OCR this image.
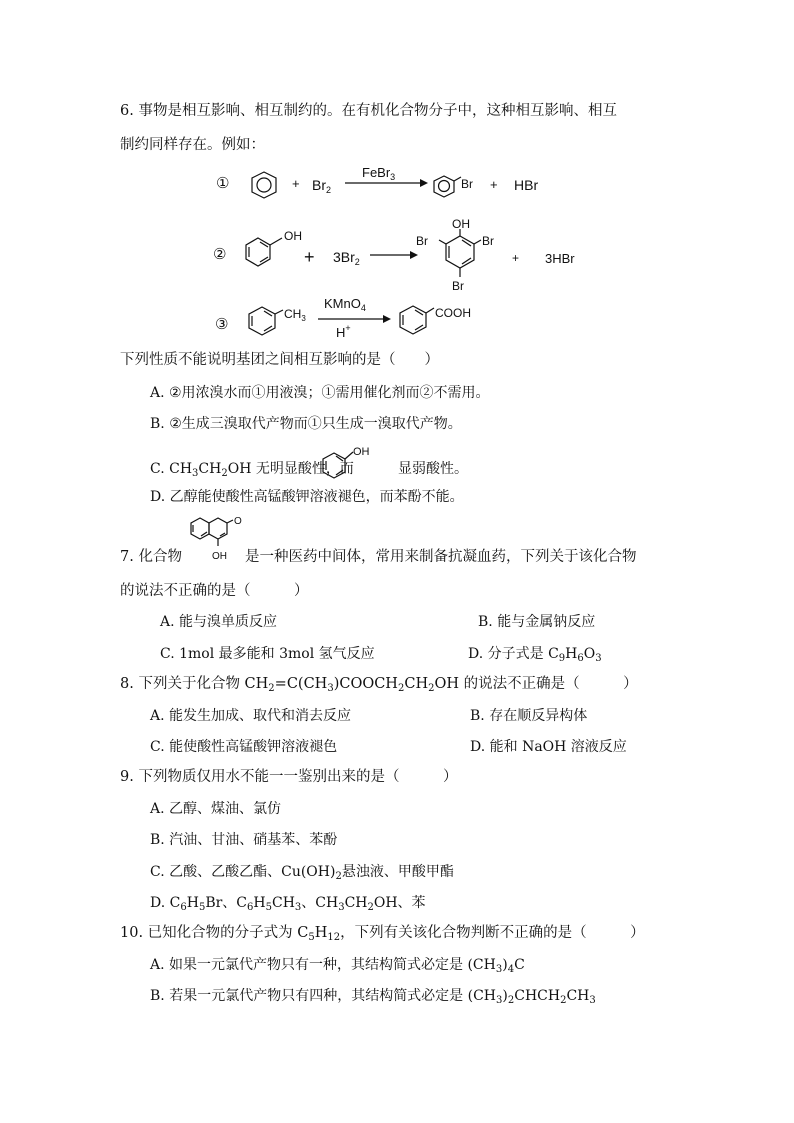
6. 事物是相互影响、相互制约的。在有机化合物分子中，这种相互影响、相互
制约同样存在。例如：
①	+ $Br_2$
FeBr$_3$	Br + HBr
②
OH
+ $3Br_2$
OH
Br	Br
Br
+ 3HBr
③
$CH_3$
KMnO$_4$
H+
COOH
OH
O
OH
下列性质不能说明基团之间相互影响的是（　　）
A. ②用浓溴水而①用液溴；①需用催化剂而②不需用。
B. ②生成三溴取代产物而①只生成一溴取代产物。
C. $CH_3CH_2OH$ 无明显酸性，而	显弱酸性。
D. 乙醇能使酸性高锰酸钾溶液褪色，而苯酚不能。
7. 化合物	是一种医药中间体，常用来制备抗凝血药，下列关于该化合物
的说法不正确的是（　　　）
A. 能与溴单质反应	B. 能与金属钠反应
C. 1mol 最多能和 3mol 氢气反应	D. 分子式是 $C_9H_6O_3$
8. 下列关于化合物 $CH_2=C(CH_3)COOCH_2CH_2OH$ 的说法不正确是（　　　）
A. 能发生加成、取代和消去反应	B. 存在顺反异构体
C. 能使酸性高锰酸钾溶液褪色	D. 能和 NaOH 溶液反应
9. 下列物质仅用水不能一一鉴别出来的是（　　　）
A. 乙醇、煤油、氯仿
B. 汽油、甘油、硝基苯、苯酚
C. 乙酸、乙酸乙酯、$Cu(OH)_2$悬浊液、甲酸甲酯
D. $C_6H_5Br$、$C_6H_5CH_3$、$CH_3CH_2OH$、苯
10. 已知化合物的分子式为 $C_5H_{12}$，下列有关该化合物判断不正确的是（　　　）
A. 如果一元氯代产物只有一种，其结构简式必定是 $(CH_3)_4C$
B. 若果一元氯代产物只有四种，其结构简式必定是 $(CH_3)_2CHCH_2CH_3$
